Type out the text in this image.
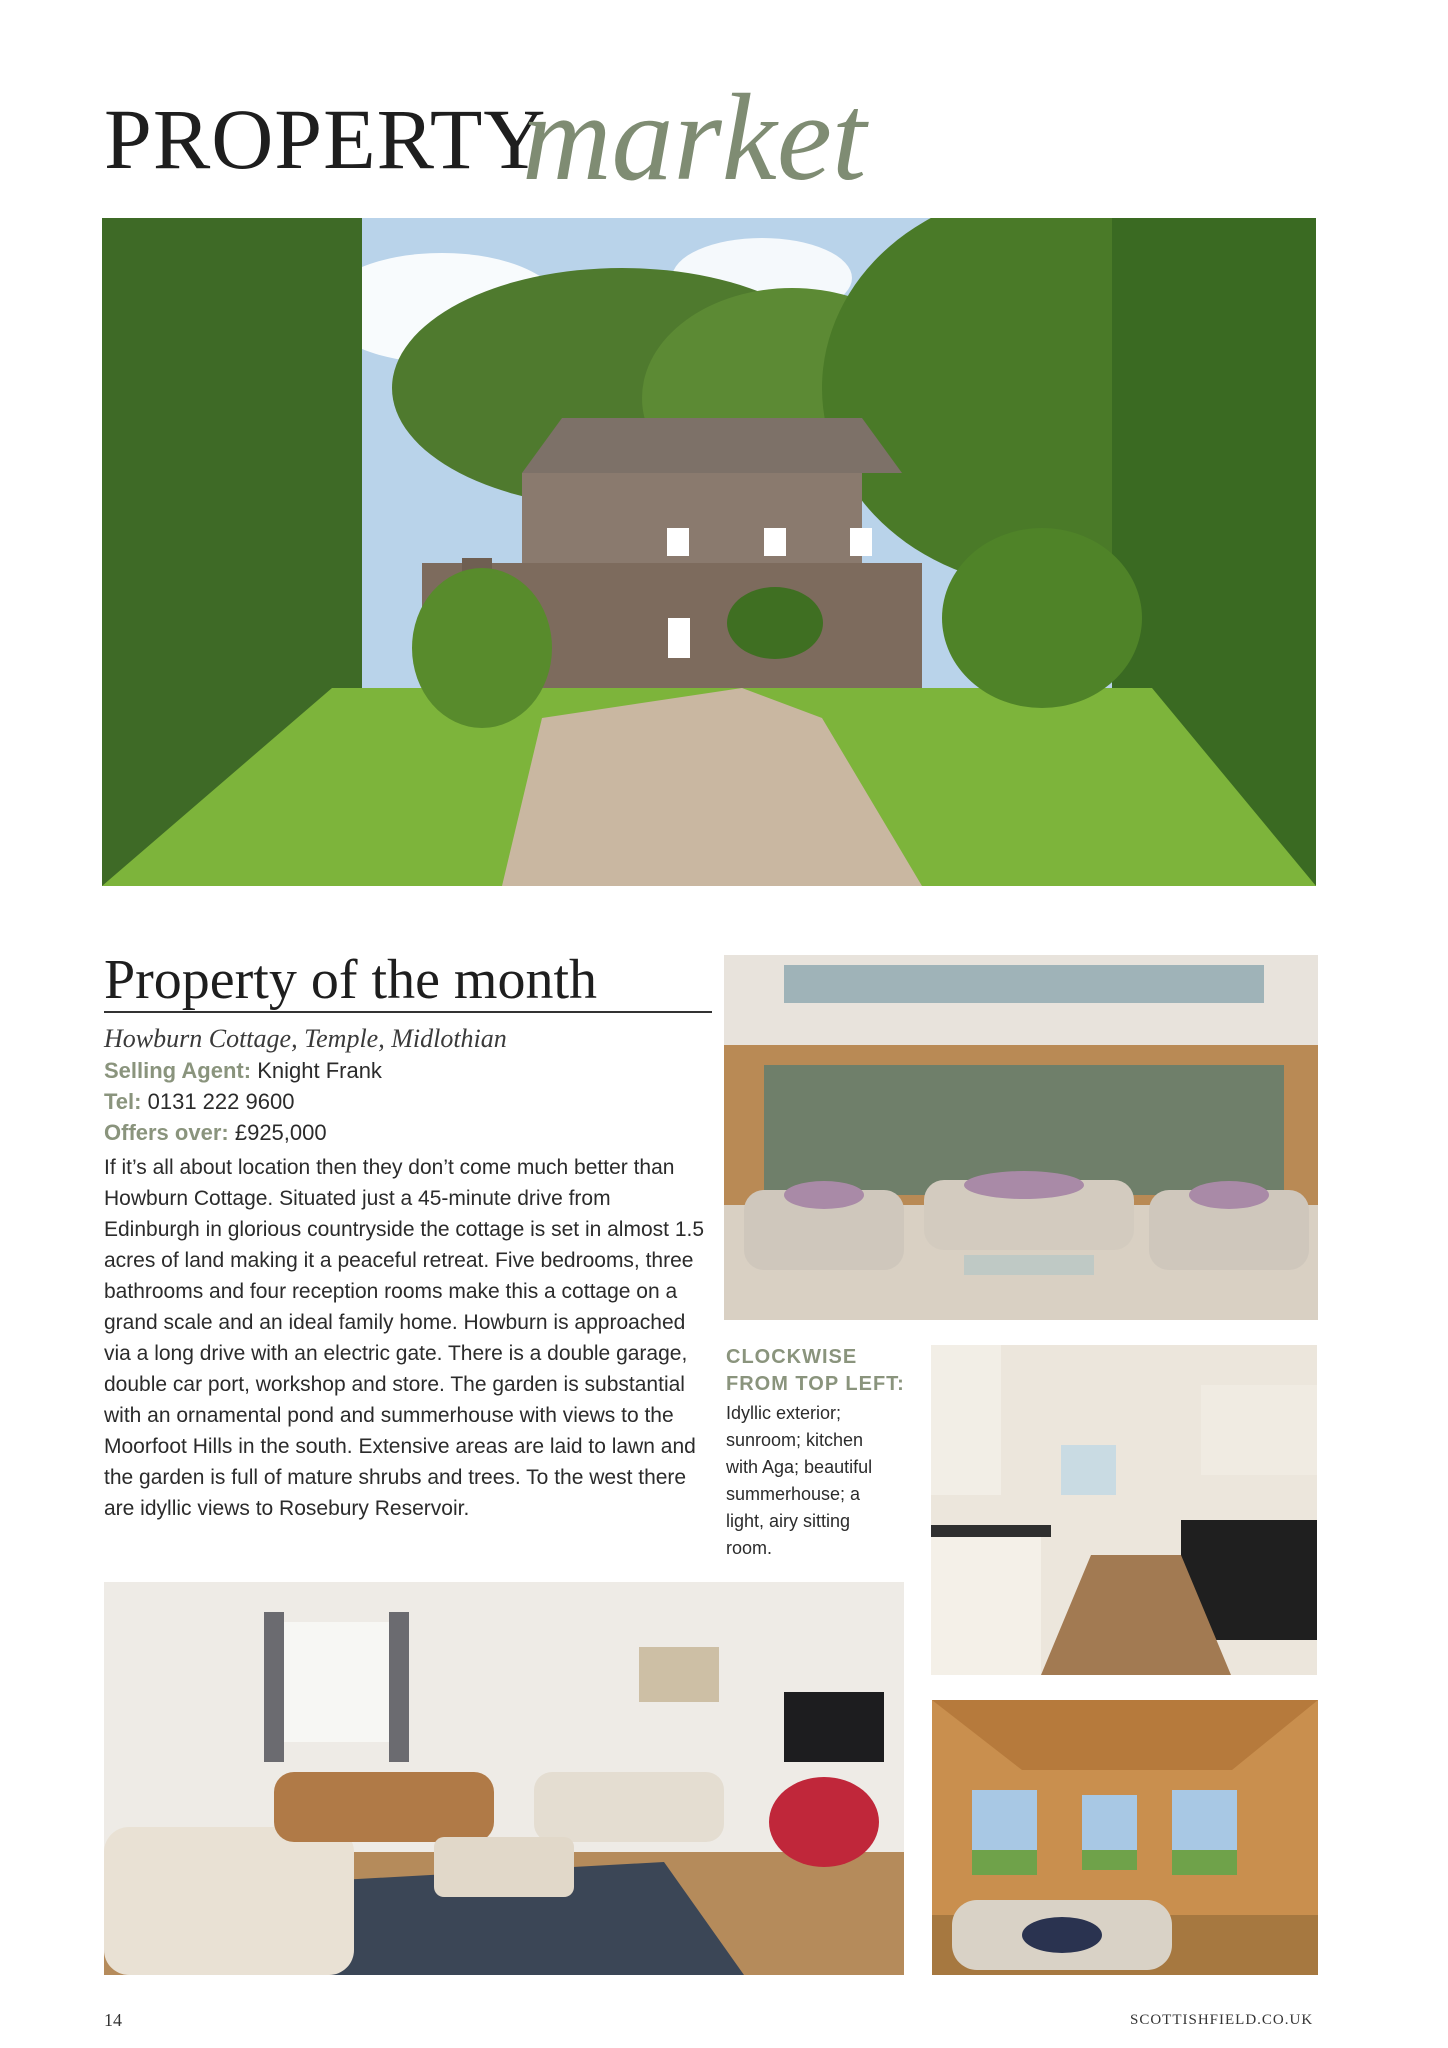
PROPERTY
market
Property of the month
Howburn Cottage, Temple, Midlothian
Selling Agent: Knight Frank
Tel: 0131 222 9600
Offers over: £925,000

If it’s all about location then they don’t come much better than Howburn Cottage. Situated just a 45-minute drive from Edinburgh in glorious countryside the cottage is set in almost 1.5 acres of land making it a peaceful retreat. Five bedrooms, three bathrooms and four reception rooms make this a cottage on a grand scale and an ideal family home. Howburn is approached via a long drive with an electric gate. There is a double garage, double car port, workshop and store. The garden is substantial with an ornamental pond and summerhouse with views to the Moorfoot Hills in the south. Extensive areas are laid to lawn and the garden is full of mature shrubs and trees. To the west there are idyllic views to Rosebury Reservoir.

CLOCKWISE
FROM TOP LEFT:
Idyllic exterior; sunroom; kitchen with Aga; beautiful summerhouse; a light, airy sitting room.
14	SCOTTISHFIELD.CO.UK
